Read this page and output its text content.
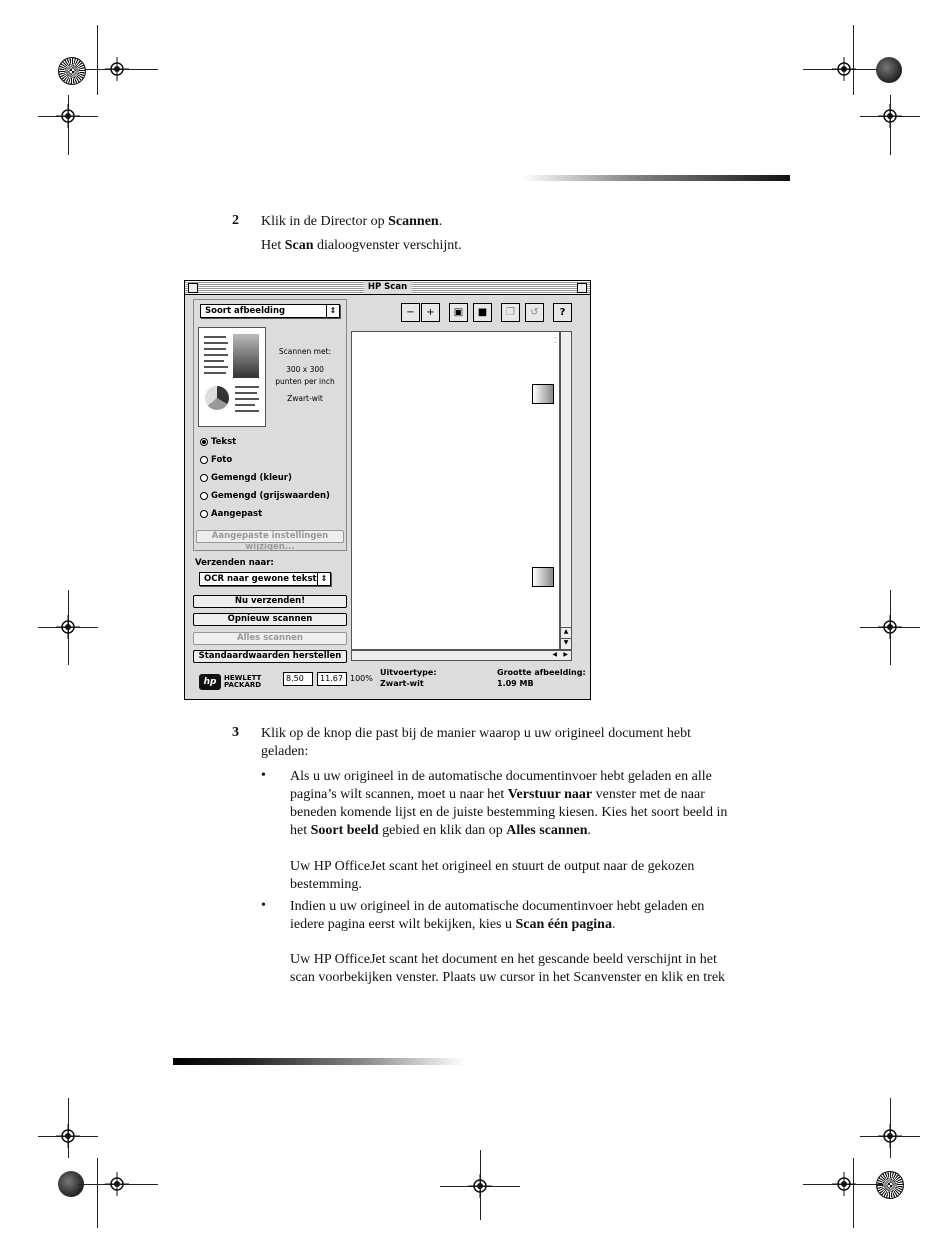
2 Klik in de Director op Scannen.
Het Scan dialoogvenster verschijnt.
HP Scan
Soort afbeelding	⇕
Scannen met:
300 x 300
punten per inch
Zwart-wit
Tekst
Foto
Gemengd (kleur)
Gemengd (grijswaarden)
Aangepast
Aangepaste instellingen wijzigen...
Verzenden naar:
OCR naar gewone tekst ⇕
Nu verzenden!
Opnieuw scannen
Alles scannen
Standaardwaarden herstellen
−	+	▣	■	❐	↺	?
·
·
▲
▼
◀ ▶
hp	HEWLETT
PACKARD
8.50	11.67 100%
Uitvoertype:
Zwart-wit
Grootte afbeelding:
1.09 MB
3 Klik op de knop die past bij de manier waarop u uw origineel document hebt
geladen:
• Als u uw origineel in de automatische documentinvoer hebt geladen en alle
pagina’s wilt scannen, moet u naar het Verstuur naar venster met de naar
beneden komende lijst en de juiste bestemming kiesen. Kies het soort beeld in
het Soort beeld gebied en klik dan op Alles scannen.
Uw HP OfficeJet scant het origineel en stuurt de output naar de gekozen
bestemming.
• Indien u uw origineel in de automatische documentinvoer hebt geladen en
iedere pagina eerst wilt bekijken, kies u Scan één pagina.
Uw HP OfficeJet scant het document en het gescande beeld verschijnt in het
scan voorbekijken venster. Plaats uw cursor in het Scanvenster en klik en trek
